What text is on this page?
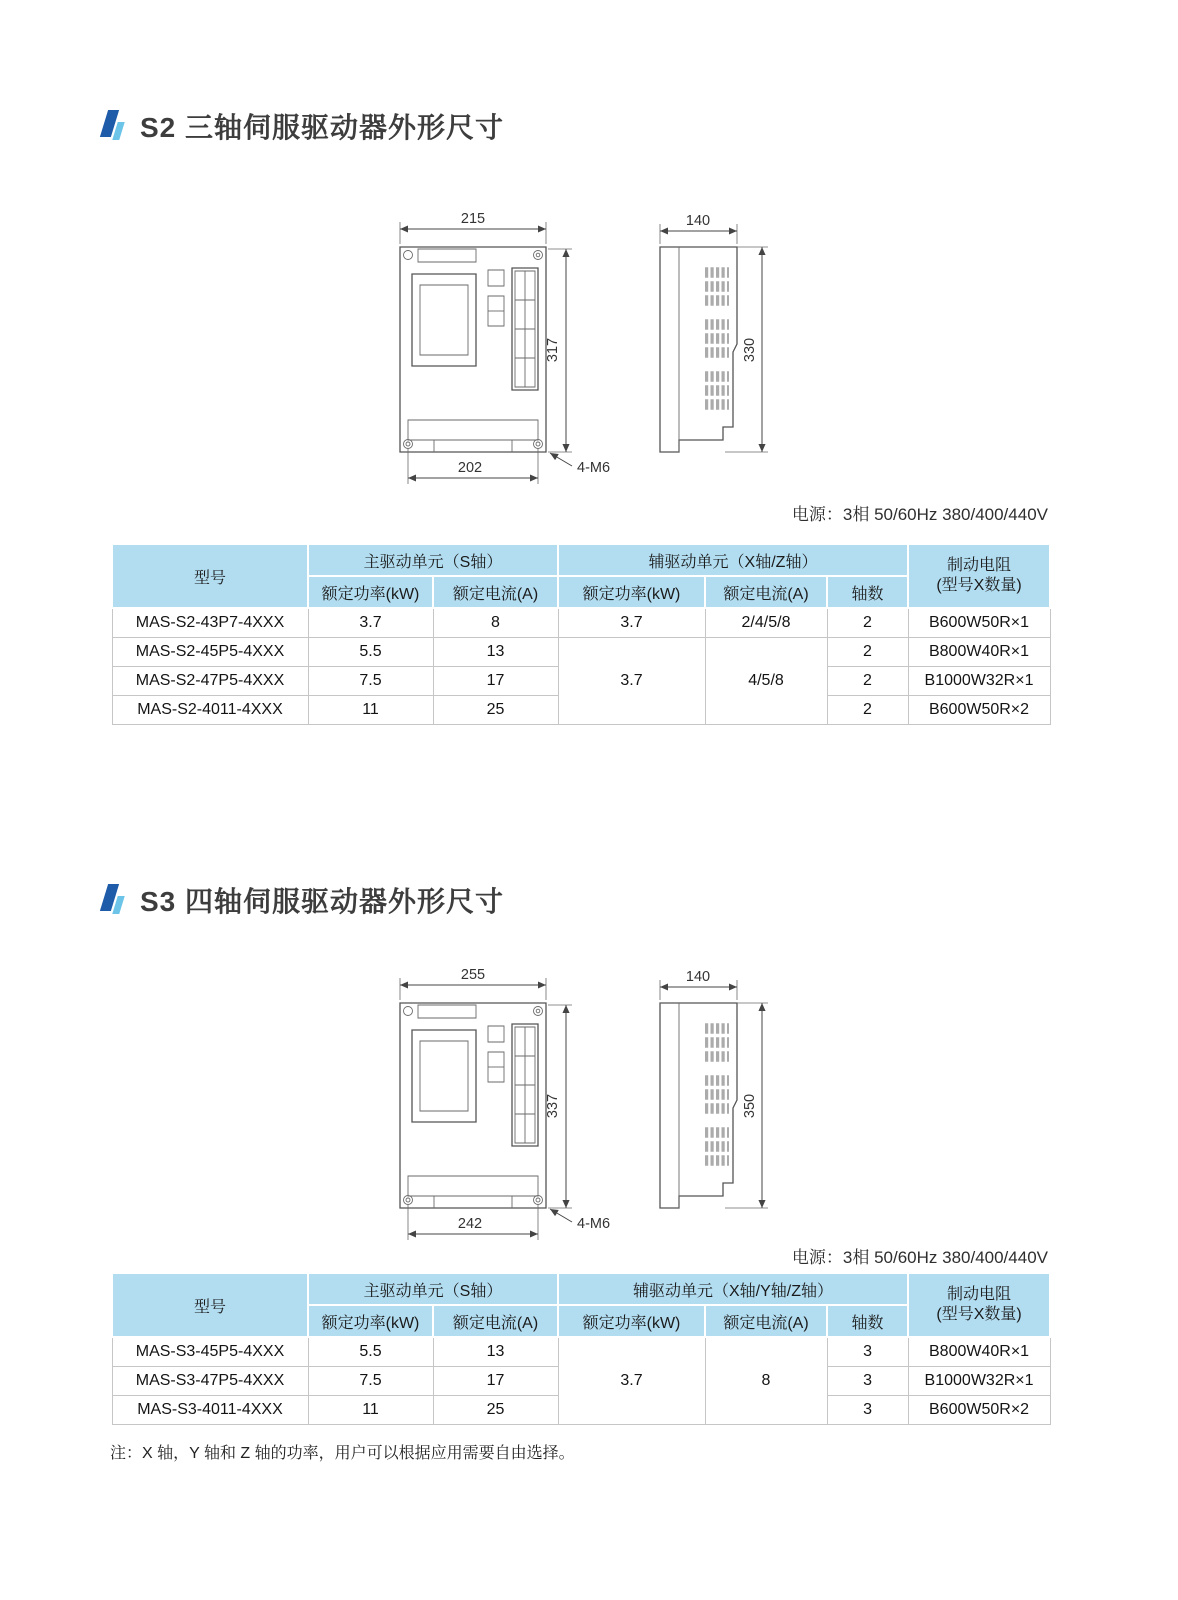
S2 三轴伺服驱动器外形尺寸
215
317
202	4-M6
140
330
电源：3相 50/60Hz 380/400/440V
型号	主驱动单元（S轴）		辅驱动单元（X轴/Z轴）			制动电阻
(型号X数量)

	额定功率(kW)	额定电流(A)	额定功率(kW)	额定电流(A)	轴数	
MAS-S2-43P7-4XXX	3.7	8	3.7	2/4/5/8	2	B600W50R×1
MAS-S2-45P5-4XXX	5.5	13	3.7	4/5/8	2	B800W40R×1
MAS-S2-47P5-4XXX	7.5	17			2	B1000W32R×1
MAS-S2-4011-4XXX	11	25			2	B600W50R×2
S3 四轴伺服驱动器外形尺寸
255
337
242	4-M6
140
350
电源：3相 50/60Hz 380/400/440V
型号	主驱动单元（S轴）		辅驱动单元（X轴/Y轴/Z轴）			制动电阻
(型号X数量)

	额定功率(kW)	额定电流(A)	额定功率(kW)	额定电流(A)	轴数	
MAS-S3-45P5-4XXX	5.5	13	3.7	8	3	B800W40R×1
MAS-S3-47P5-4XXX	7.5	17			3	B1000W32R×1
MAS-S3-4011-4XXX	11	25			3	B600W50R×2
注：X 轴，Y 轴和 Z 轴的功率，用户可以根据应用需要自由选择。
